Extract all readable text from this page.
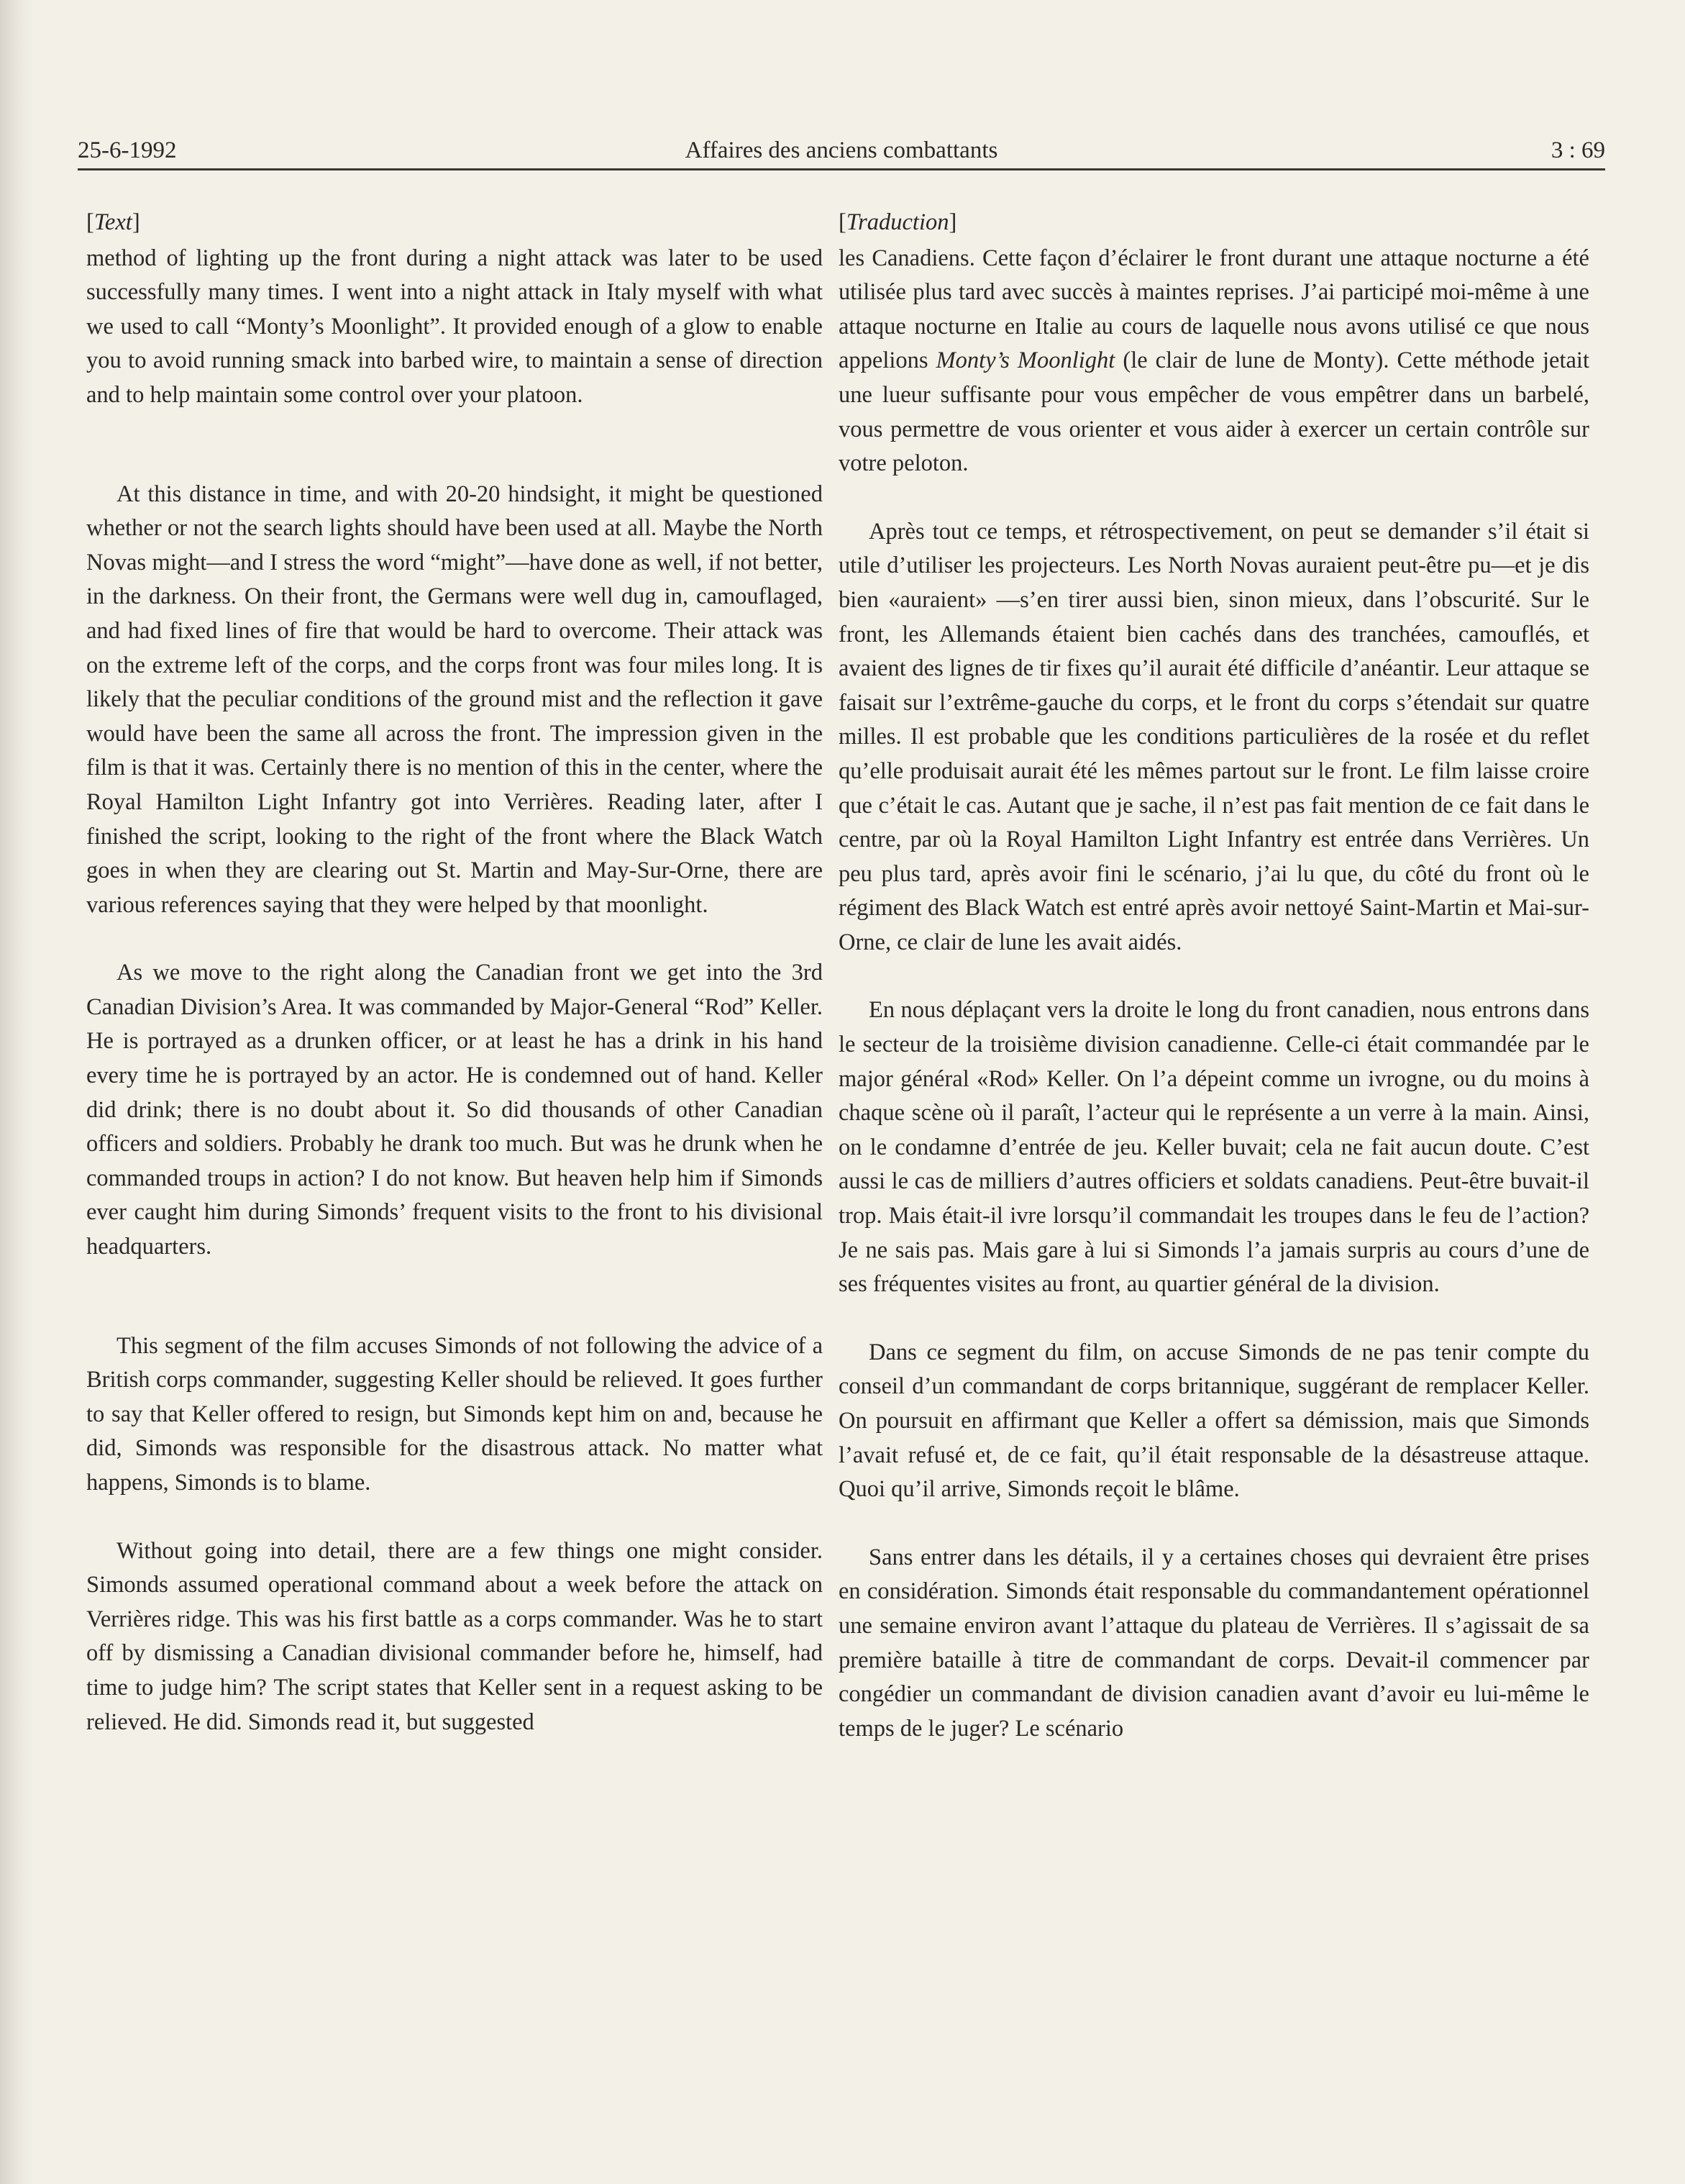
25-6-1992	Affaires des anciens combattants	3 : 69
[Text]

method of lighting up the front during a night attack was later to be used successfully many times. I went into a night attack in Italy myself with what we used to call “Monty’s Moonlight”. It provided enough of a glow to enable you to avoid running smack into barbed wire, to maintain a sense of direction and to help maintain some control over your platoon.

At this distance in time, and with 20-20 hindsight, it might be questioned whether or not the search lights should have been used at all. Maybe the North Novas might—and I stress the word “might”—have done as well, if not better, in the darkness. On their front, the Germans were well dug in, camouflaged, and had fixed lines of fire that would be hard to overcome. Their attack was on the extreme left of the corps, and the corps front was four miles long. It is likely that the peculiar conditions of the ground mist and the reflection it gave would have been the same all across the front. The impression given in the film is that it was. Certainly there is no mention of this in the center, where the Royal Hamilton Light Infantry got into Verrières. Reading later, after I finished the script, looking to the right of the front where the Black Watch goes in when they are clearing out St. Martin and May-Sur-Orne, there are various references saying that they were helped by that moonlight.

As we move to the right along the Canadian front we get into the 3rd Canadian Division’s Area. It was commanded by Major-General “Rod” Keller. He is portrayed as a drunken officer, or at least he has a drink in his hand every time he is portrayed by an actor. He is condemned out of hand. Keller did drink; there is no doubt about it. So did thousands of other Canadian officers and soldiers. Probably he drank too much. But was he drunk when he commanded troups in action? I do not know. But heaven help him if Simonds ever caught him during Simonds’ frequent visits to the front to his divisional headquarters.

This segment of the film accuses Simonds of not following the advice of a British corps commander, suggesting Keller should be relieved. It goes further to say that Keller offered to resign, but Simonds kept him on and, because he did, Simonds was responsible for the disastrous attack. No matter what happens, Simonds is to blame.

Without going into detail, there are a few things one might consider. Simonds assumed operational command about a week before the attack on Verrières ridge. This was his first battle as a corps commander. Was he to start off by dismissing a Canadian divisional commander before he, himself, had time to judge him? The script states that Keller sent in a request asking to be relieved. He did. Simonds read it, but suggested

[Traduction]

les Canadiens. Cette façon d’éclairer le front durant une attaque nocturne a été utilisée plus tard avec succès à maintes reprises. J’ai participé moi-même à une attaque nocturne en Italie au cours de laquelle nous avons utilisé ce que nous appelions Monty’s Moonlight (le clair de lune de Monty). Cette méthode jetait une lueur suffisante pour vous empêcher de vous empêtrer dans un barbelé, vous permettre de vous orienter et vous aider à exercer un certain contrôle sur votre peloton.

Après tout ce temps, et rétrospectivement, on peut se demander s’il était si utile d’utiliser les projecteurs. Les North Novas auraient peut-être pu—et je dis bien «auraient» —s’en tirer aussi bien, sinon mieux, dans l’obscurité. Sur le front, les Allemands étaient bien cachés dans des tranchées, camouflés, et avaient des lignes de tir fixes qu’il aurait été difficile d’anéantir. Leur attaque se faisait sur l’extrême-gauche du corps, et le front du corps s’étendait sur quatre milles. Il est probable que les conditions particulières de la rosée et du reflet qu’elle produisait aurait été les mêmes partout sur le front. Le film laisse croire que c’était le cas. Autant que je sache, il n’est pas fait mention de ce fait dans le centre, par où la Royal Hamilton Light Infantry est entrée dans Verrières. Un peu plus tard, après avoir fini le scénario, j’ai lu que, du côté du front où le régiment des Black Watch est entré après avoir nettoyé Saint-Martin et Mai-sur-Orne, ce clair de lune les avait aidés.

En nous déplaçant vers la droite le long du front canadien, nous entrons dans le secteur de la troisième division canadienne. Celle-ci était commandée par le major général «Rod» Keller. On l’a dépeint comme un ivrogne, ou du moins à chaque scène où il paraît, l’acteur qui le représente a un verre à la main. Ainsi, on le condamne d’entrée de jeu. Keller buvait; cela ne fait aucun doute. C’est aussi le cas de milliers d’autres officiers et soldats canadiens. Peut-être buvait-il trop. Mais était-il ivre lorsqu’il commandait les troupes dans le feu de l’action? Je ne sais pas. Mais gare à lui si Simonds l’a jamais surpris au cours d’une de ses fréquentes visites au front, au quartier général de la division.

Dans ce segment du film, on accuse Simonds de ne pas tenir compte du conseil d’un commandant de corps britannique, suggérant de remplacer Keller. On poursuit en affirmant que Keller a offert sa démission, mais que Simonds l’avait refusé et, de ce fait, qu’il était responsable de la désastreuse attaque. Quoi qu’il arrive, Simonds reçoit le blâme.

Sans entrer dans les détails, il y a certaines choses qui devraient être prises en considération. Simonds était responsable du commandantement opérationnel une semaine environ avant l’attaque du plateau de Verrières. Il s’agissait de sa première bataille à titre de commandant de corps. Devait-il commencer par congédier un commandant de division canadien avant d’avoir eu lui-même le temps de le juger? Le scénario
